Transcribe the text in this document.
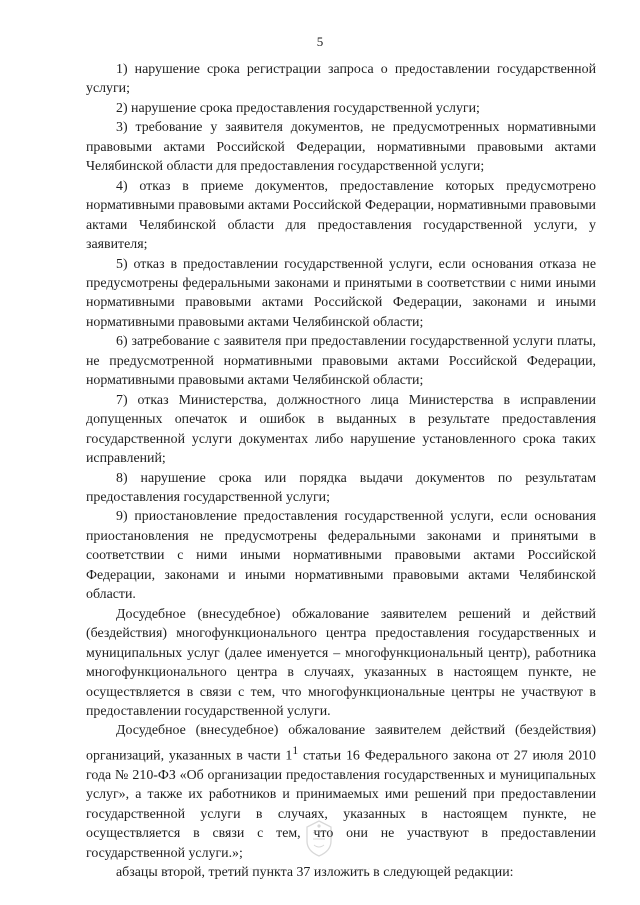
5

1) нарушение срока регистрации запроса о предоставлении государственной услуги;

2) нарушение срока предоставления государственной услуги;

3) требование у заявителя документов, не предусмотренных нормативными правовыми актами Российской Федерации, нормативными правовыми актами Челябинской области для предоставления государственной услуги;

4) отказ в приеме документов, предоставление которых предусмотрено нормативными правовыми актами Российской Федерации, нормативными правовыми актами Челябинской области для предоставления государственной услуги, у заявителя;

5) отказ в предоставлении государственной услуги, если основания отказа не предусмотрены федеральными законами и принятыми в соответствии с ними иными нормативными правовыми актами Российской Федерации, законами и иными нормативными правовыми актами Челябинской области;

6) затребование с заявителя при предоставлении государственной услуги платы, не предусмотренной нормативными правовыми актами Российской Федерации, нормативными правовыми актами Челябинской области;

7) отказ Министерства, должностного лица Министерства в исправлении допущенных опечаток и ошибок в выданных в результате предоставления государственной услуги документах либо нарушение установленного срока таких исправлений;

8) нарушение срока или порядка выдачи документов по результатам предоставления государственной услуги;

9) приостановление предоставления государственной услуги, если основания приостановления не предусмотрены федеральными законами и принятыми в соответствии с ними иными нормативными правовыми актами Российской Федерации, законами и иными нормативными правовыми актами Челябинской области.

Досудебное (внесудебное) обжалование заявителем решений и действий (бездействия) многофункционального центра предоставления государственных и муниципальных услуг (далее именуется – многофункциональный центр), работника многофункционального центра в случаях, указанных в настоящем пункте, не осуществляется в связи с тем, что многофункциональные центры не участвуют в предоставлении государственной услуги.

Досудебное (внесудебное) обжалование заявителем действий (бездействия) организаций, указанных в части $1^1$ статьи 16 Федерального закона от 27 июля 2010 года № 210-ФЗ «Об организации предоставления государственных и муниципальных услуг», а также их работников и принимаемых ими решений при предоставлении государственной услуги в случаях, указанных в настоящем пункте, не осуществляется в связи с тем, что они не участвуют в предоставлении государственной услуги.»;

абзацы второй, третий пункта 37 изложить в следующей редакции:
